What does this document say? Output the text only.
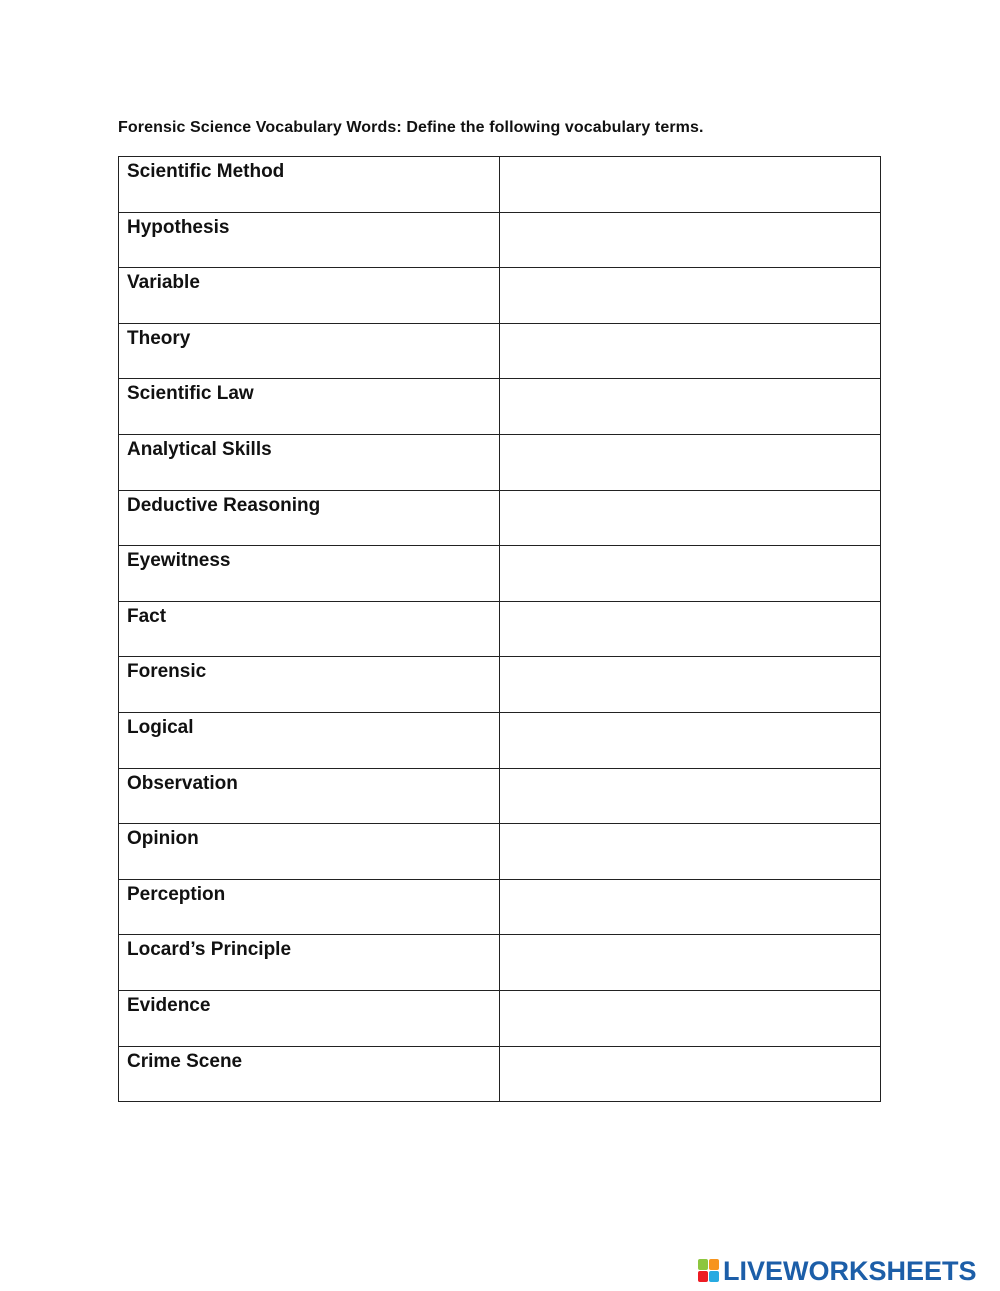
Forensic Science Vocabulary Words: Define the following vocabulary terms.
Scientific Method	
Hypothesis	
Variable	
Theory	
Scientific Law	
Analytical Skills	
Deductive Reasoning	
Eyewitness	
Fact	
Forensic	
Logical	
Observation	
Opinion	
Perception	
Locard’s Principle	
Evidence	
Crime Scene	
LIVEWORKSHEETS
